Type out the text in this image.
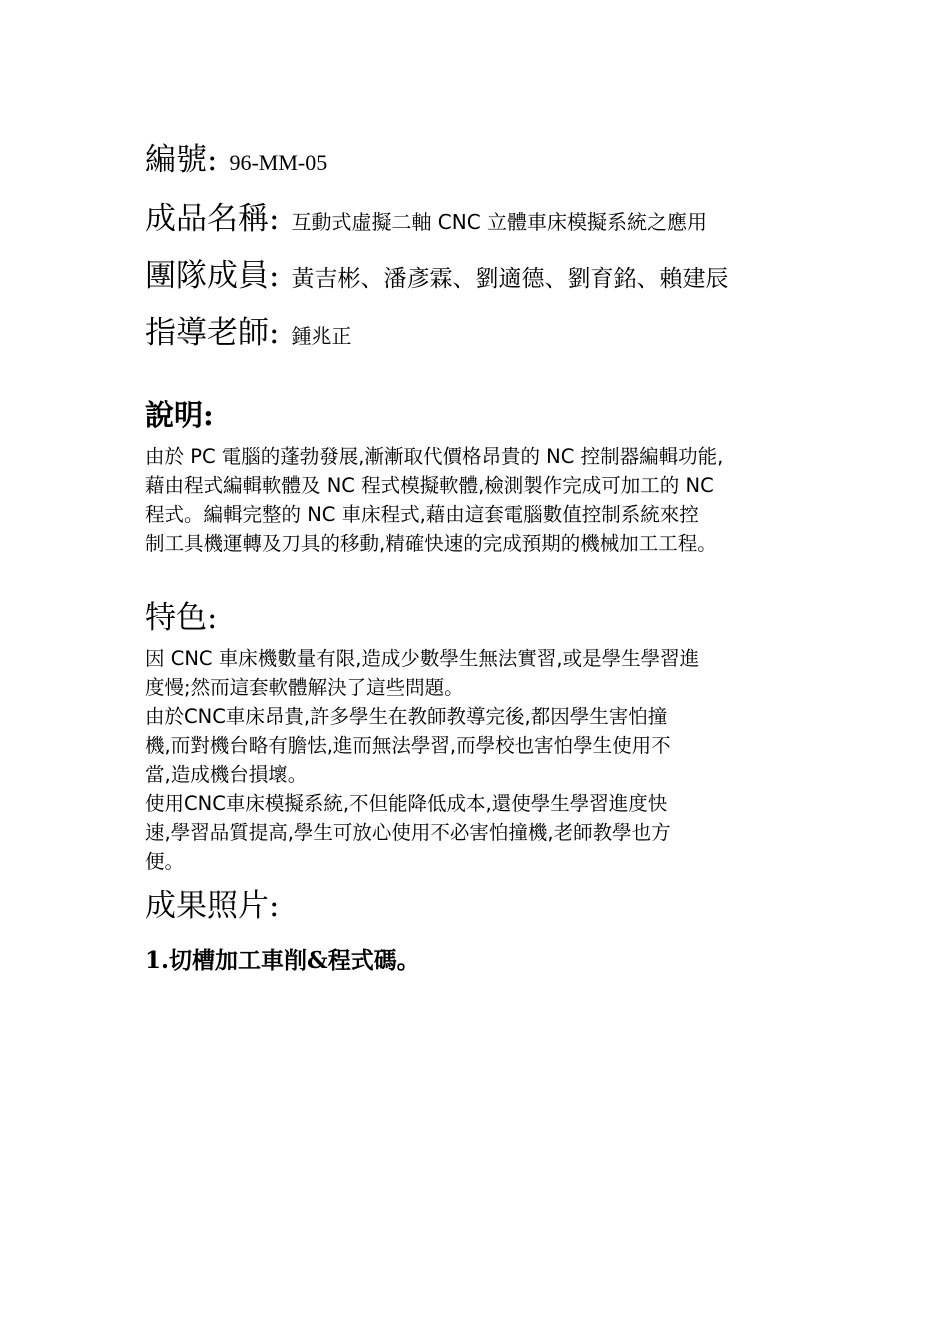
編號: 96-MM-05
成品名稱: 互動式虛擬二軸 CNC 立體車床模擬系統之應用
團隊成員: 黃吉彬、潘彥霖、劉適德、劉育銘、賴建辰
指導老師: 鍾兆正
說明:
由於 PC 電腦的蓬勃發展,漸漸取代價格昂貴的 NC 控制器編輯功能,
藉由程式編輯軟體及 NC 程式模擬軟體,檢測製作完成可加工的 NC
程式。編輯完整的 NC 車床程式,藉由這套電腦數值控制系統來控
制工具機運轉及刀具的移動,精確快速的完成預期的機械加工工程。
特色:
因 CNC 車床機數量有限,造成少數學生無法實習,或是學生學習進
度慢;然而這套軟體解決了這些問題。
由於CNC車床昂貴,許多學生在教師教導完後,都因學生害怕撞
機,而對機台略有膽怯,進而無法學習,而學校也害怕學生使用不
當,造成機台損壞。
使用CNC車床模擬系統,不但能降低成本,還使學生學習進度快
速,學習品質提高,學生可放心使用不必害怕撞機,老師教學也方
便。
成果照片:
1.切槽加工車削&程式碼。
